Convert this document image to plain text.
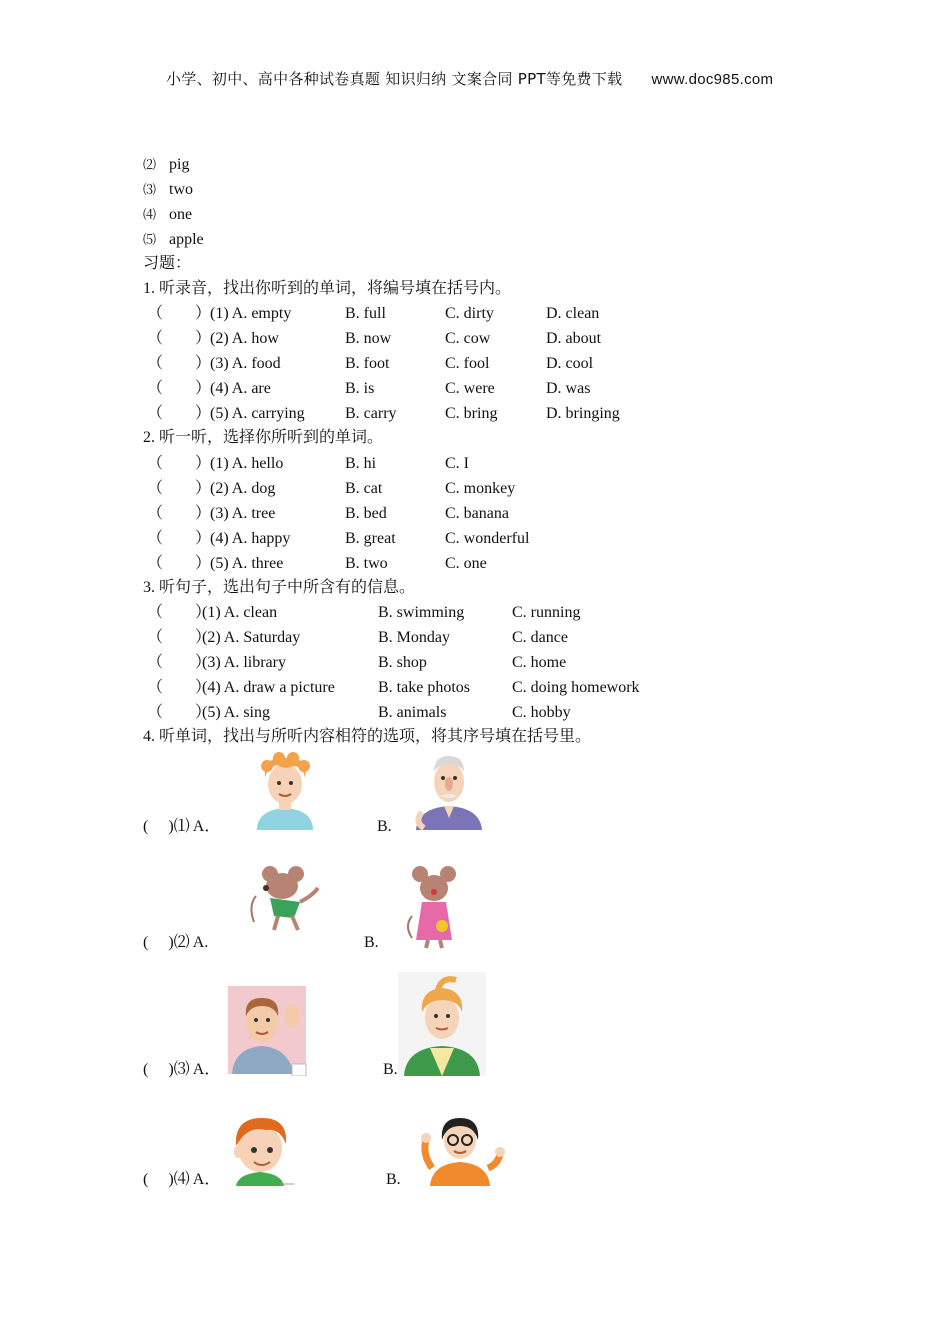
小学、初中、高中各种试卷真题 知识归纳 文案合同 PPT等免费下载 www.doc985.com
⑵ pig
⑶ two
⑷ one
⑸ apple
习题：
1. 听录音，找出你听到的单词，将编号填在括号内。
（　　）
(1) A. empty	B. full	C. dirty	D. clean
（　　）
(2) A. how	B. now	C. cow	D. about
（　　）
(3) A. food	B. foot	C. fool	D. cool
（　　）
(4) A. are	B. is	C. were	D. was
（　　）
(5) A. carrying	B. carry	C. bring	D. bringing
2. 听一听，选择你所听到的单词。
（　　）
(1) A. hello	B. hi	C. I
（　　）
(2) A. dog	B. cat	C. monkey
（　　）
(3) A. tree	B. bed	C. banana
（　　）
(4) A. happy	B. great	C. wonderful
（　　）
(5) A. three	B. two	C. one
3. 听句子，选出句子中所含有的信息。
（　　）
(1) A. clean	B. swimming	C. running
（　　）
(2) A. Saturday	B. Monday	C. dance
（　　）
(3) A. library	B. shop	C. home
（　　）
(4) A. draw a picture	B. take photos	C. doing homework
（　　）
(5) A. sing	B. animals	C. hobby
4. 听单词，找出与所听内容相符的选项，将其序号填在括号里。
( 　)⑴ A．	B.
( 　)⑵ A.	B.
( 　)⑶ A．	B.
( 　)⑷ A．	B.
